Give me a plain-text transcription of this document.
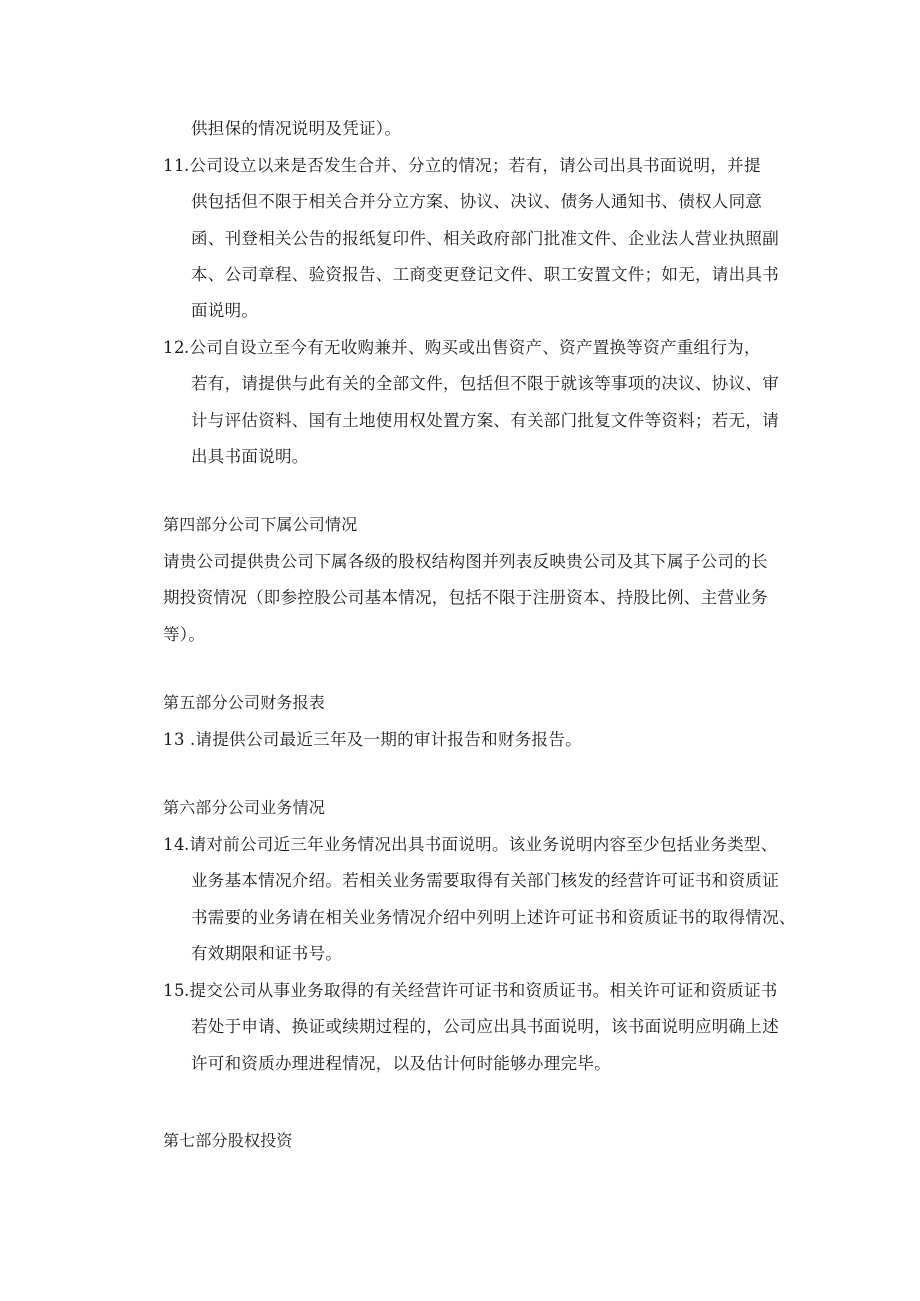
供担保的情况说明及凭证）。
11 .公司设立以来是否发生合并、分立的情况；若有，请公司出具书面说明，并提
供包括但不限于相关合并分立方案、协议、决议、债务人通知书、债权人同意
函、刊登相关公告的报纸复印件、相关政府部门批准文件、企业法人营业执照副
本、公司章程、验资报告、工商变更登记文件、职工安置文件；如无，请出具书
面说明。
12 .公司自设立至今有无收购兼并、购买或出售资产、资产置换等资产重组行为，
若有，请提供与此有关的全部文件，包括但不限于就该等事项的决议、协议、审
计与评估资料、国有土地使用权处置方案、有关部门批复文件等资料；若无，请
出具书面说明。
第四部分公司下属公司情况
请贵公司提供贵公司下属各级的股权结构图并列表反映贵公司及其下属子公司的长
期投资情况（即参控股公司基本情况，包括不限于注册资本、持股比例、主营业务
等）。
第五部分公司财务报表
13 .请提供公司最近三年及一期的审计报告和财务报告。
第六部分公司业务情况
14 .请对前公司近三年业务情况出具书面说明。该业务说明内容至少包括业务类型、
业务基本情况介绍。若相关业务需要取得有关部门核发的经营许可证书和资质证
书需要的业务请在相关业务情况介绍中列明上述许可证书和资质证书的取得情况、
有效期限和证书号。
15 .提交公司从事业务取得的有关经营许可证书和资质证书。相关许可证和资质证书
若处于申请、换证或续期过程的，公司应出具书面说明，该书面说明应明确上述
许可和资质办理进程情况，以及估计何时能够办理完毕。
第七部分股权投资
